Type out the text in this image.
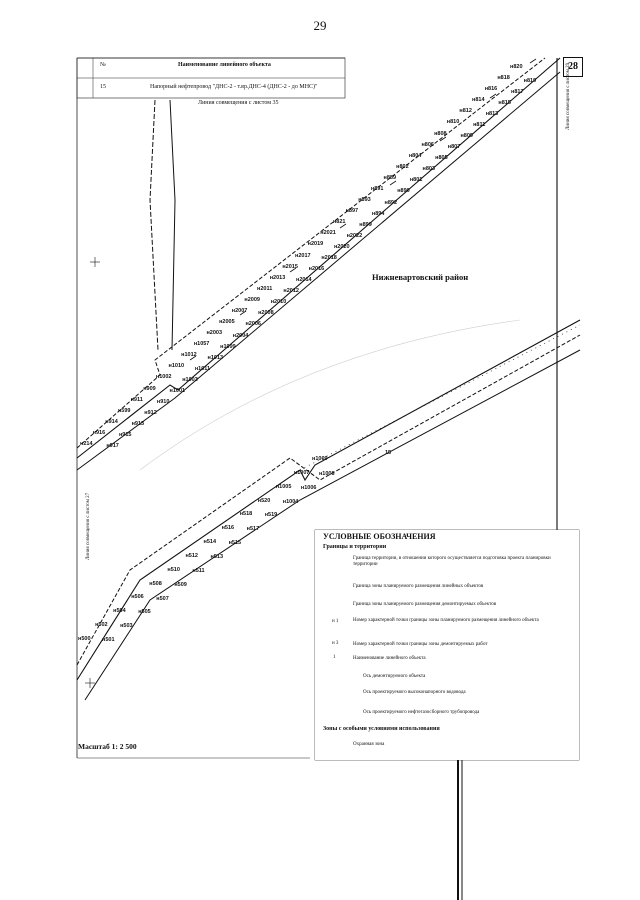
29
№	Наименование линейного объекта
15	Напорный нефтепровод "ДНС-2 - т.вр.ДНС-4 (ДНС-2 - до МНС)"
Линия совмещения с листом 35
28
Линия совмещения с листом 29
Линия совмещения с листом 27
Нижневартовский район
15
н214	н917
н916	н915
н914	н913
н599	н912
н911	н910
н909	н1001
н1002 н1003
н1010 н1011
н1012 н1013
н1057 н1099
н2003 н2004
н2005 н2006
н2007 н2008
н2009 н2010
н2011 н2012
н2013 н2014
н2015 н2016
н2017 н2018
н2019 н2020
н2021 н2022
н821	н899
н897	н894
н893	н892
н891	н890
н889	н801
н802	н803
н804	н805
н806	н807
н808	н809
н810	н811
н812	н813
н814	н815
н816	н817
н818	н819
н820
н500 н501
н502 н503
н504 н505
н506 н507
н508 н509
н510 н511
н512 н513
н514 н515
н516 н517
н518 н519
н520 н1004
н1005 н1006
н1007 н1008
н1009
Масштаб 1: 2 500
УСЛОВНЫЕ ОБОЗНАЧЕНИЯ
Границы и территории
Граница территории, в отношении которого осуществляется подготовка проекта планировки территории
Граница зоны планируемого размещения линейных объектов
Граница зоны планируемого размещения демонтируемых объектов
н 1	Номер характерной точки границы зоны планируемого размещения линейного объекта
н 3	Номер характерной точки границы зоны демонтируемых работ
1	Наименование линейного объекта
Ось демонтируемого объекта
Ось проектируемого высоконапорного водовода
Ось проектируемого нефтегазосборного трубопровода
Зоны с особыми условиями использования
Охранная зона
